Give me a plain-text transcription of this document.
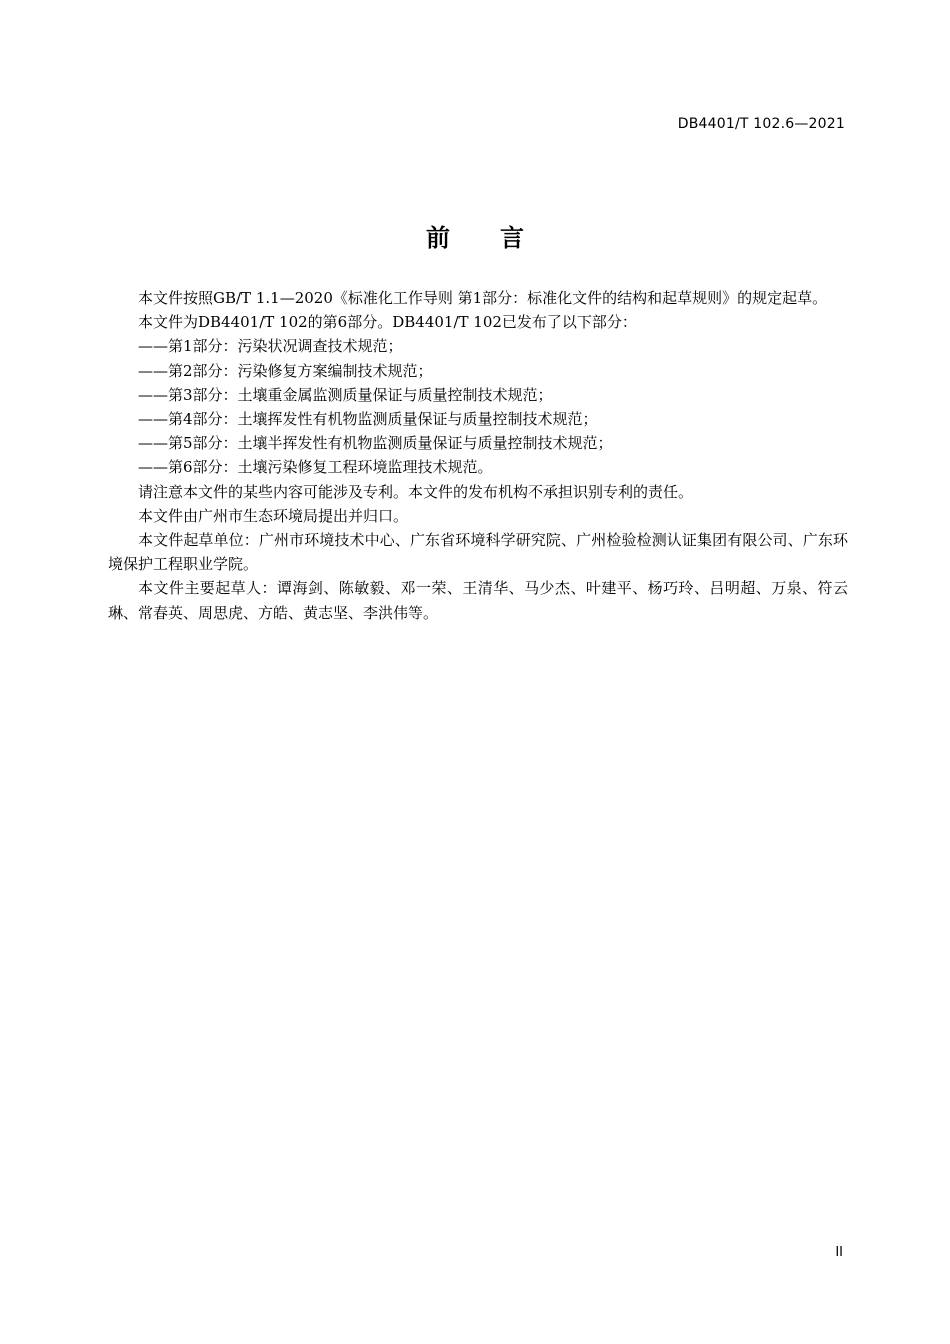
DB4401/T 102.6—2021
前言

本文件按照GB/T 1.1—2020《标准化工作导则 第1部分：标准化文件的结构和起草规则》的规定起草。

本文件为DB4401/T 102的第6部分。DB4401/T 102已发布了以下部分：

——第1部分：污染状况调查技术规范；

——第2部分：污染修复方案编制技术规范；

——第3部分：土壤重金属监测质量保证与质量控制技术规范；

——第4部分：土壤挥发性有机物监测质量保证与质量控制技术规范；

——第5部分：土壤半挥发性有机物监测质量保证与质量控制技术规范；

——第6部分：土壤污染修复工程环境监理技术规范。

请注意本文件的某些内容可能涉及专利。本文件的发布机构不承担识别专利的责任。

本文件由广州市生态环境局提出并归口。

本文件起草单位：广州市环境技术中心、广东省环境科学研究院、广州检验检测认证集团有限公司、广东环境保护工程职业学院。

本文件主要起草人：谭海剑、陈敏毅、邓一荣、王清华、马少杰、叶建平、杨巧玲、吕明超、万泉、符云琳、常春英、周思虎、方皓、黄志坚、李洪伟等。

II
